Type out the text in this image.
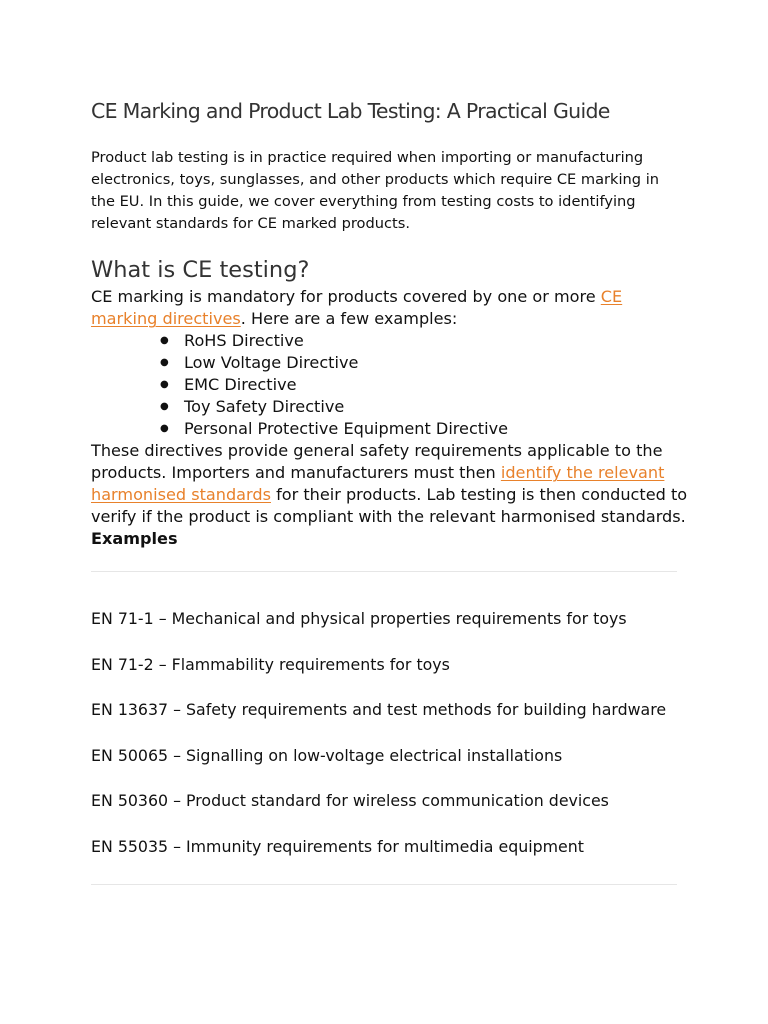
CE Marking and Product Lab Testing: A Practical Guide

Product lab testing is in practice required when importing or manufacturing electronics, toys, sunglasses, and other products which require CE marking in the EU. In this guide, we cover everything from testing costs to identifying relevant standards for CE marked products.

What is CE testing?

CE marking is mandatory for products covered by one or more CE marking directives. Here are a few examples:

● RoHS Directive
● Low Voltage Directive
● EMC Directive
● Toy Safety Directive
● Personal Protective Equipment Directive

These directives provide general safety requirements applicable to the products. Importers and manufacturers must then identify the relevant harmonised standards for their products. Lab testing is then conducted to verify if the product is compliant with the relevant harmonised standards.

Examples

EN 71-1 – Mechanical and physical properties requirements for toys
EN 71-2 – Flammability requirements for toys
EN 13637 – Safety requirements and test methods for building hardware
EN 50065 – Signalling on low-voltage electrical installations
EN 50360 – Product standard for wireless communication devices
EN 55035 – Immunity requirements for multimedia equipment
